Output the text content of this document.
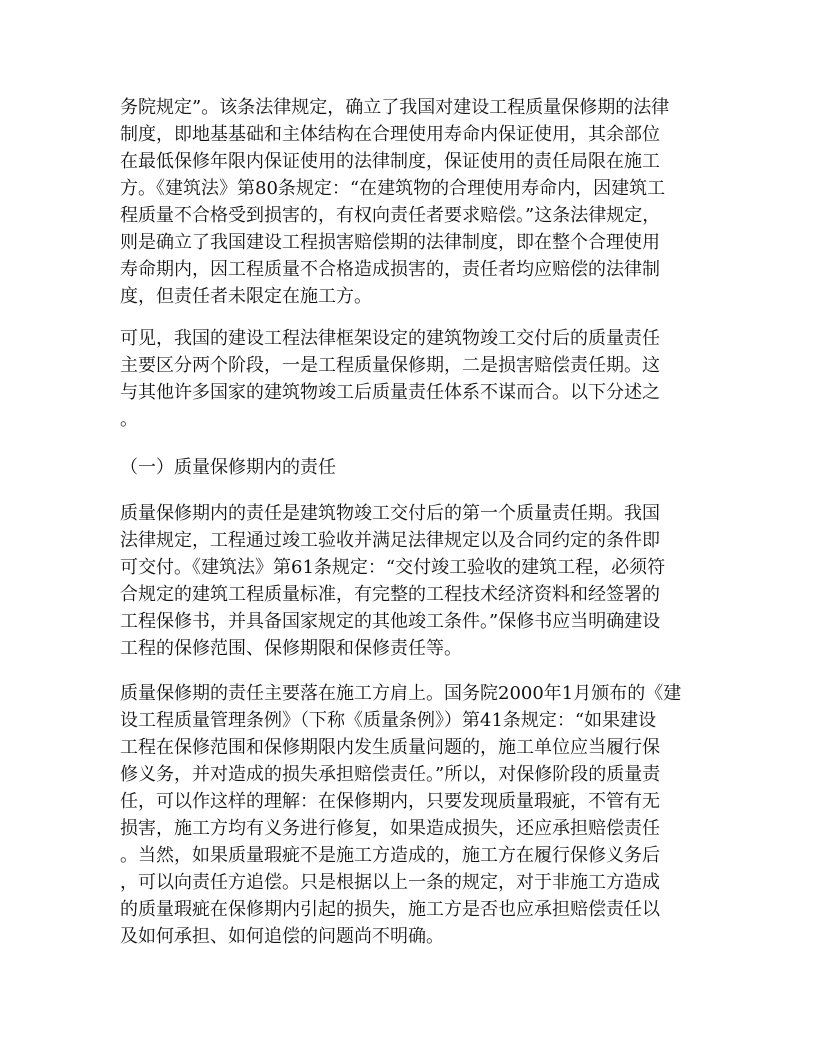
务院规定”。该条法律规定，确立了我国对建设工程质量保修期的法律
制度，即地基基础和主体结构在合理使用寿命内保证使用，其余部位
在最低保修年限内保证使用的法律制度，保证使用的责任局限在施工
方。《建筑法》第80条规定：“在建筑物的合理使用寿命内，因建筑工
程质量不合格受到损害的，有权向责任者要求赔偿。”这条法律规定，
则是确立了我国建设工程损害赔偿期的法律制度，即在整个合理使用
寿命期内，因工程质量不合格造成损害的，责任者均应赔偿的法律制
度，但责任者未限定在施工方。
可见，我国的建设工程法律框架设定的建筑物竣工交付后的质量责任
主要区分两个阶段，一是工程质量保修期，二是损害赔偿责任期。这
与其他许多国家的建筑物竣工后质量责任体系不谋而合。以下分述之
。
（一）质量保修期内的责任
质量保修期内的责任是建筑物竣工交付后的第一个质量责任期。我国
法律规定，工程通过竣工验收并满足法律规定以及合同约定的条件即
可交付。《建筑法》第61条规定：“交付竣工验收的建筑工程，必须符
合规定的建筑工程质量标准，有完整的工程技术经济资料和经签署的
工程保修书，并具备国家规定的其他竣工条件。”保修书应当明确建设
工程的保修范围、保修期限和保修责任等。
质量保修期的责任主要落在施工方肩上。国务院2000年1月颁布的《建
设工程质量管理条例》（下称《质量条例》）第41条规定：“如果建设
工程在保修范围和保修期限内发生质量问题的，施工单位应当履行保
修义务，并对造成的损失承担赔偿责任。”所以，对保修阶段的质量责
任，可以作这样的理解：在保修期内，只要发现质量瑕疵，不管有无
损害，施工方均有义务进行修复，如果造成损失，还应承担赔偿责任
。当然，如果质量瑕疵不是施工方造成的，施工方在履行保修义务后
，可以向责任方追偿。只是根据以上一条的规定，对于非施工方造成
的质量瑕疵在保修期内引起的损失，施工方是否也应承担赔偿责任以
及如何承担、如何追偿的问题尚不明确。
